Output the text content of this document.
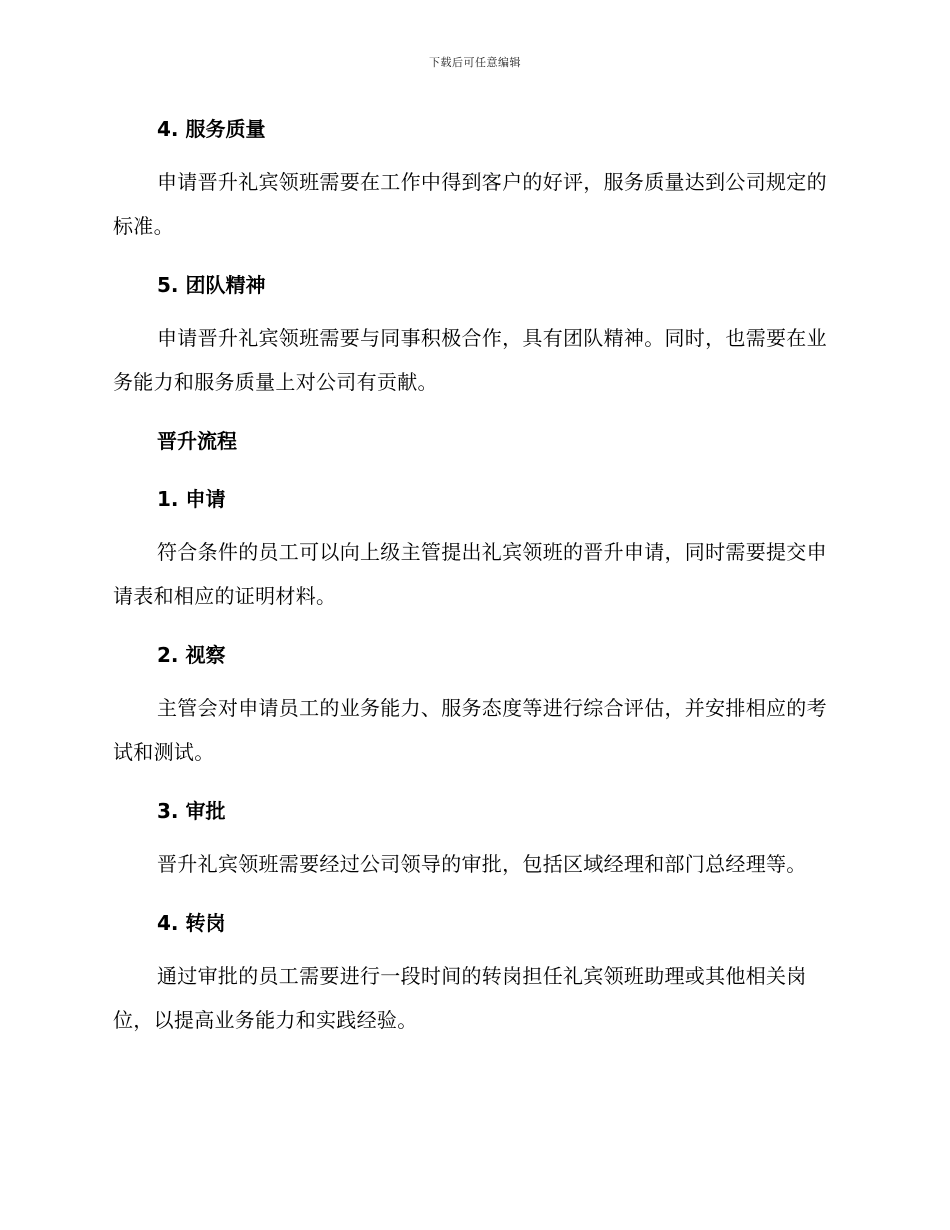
下载后可任意编辑
4. 服务质量

申请晋升礼宾领班需要在工作中得到客户的好评，服务质量达到公司规定的标准。

5. 团队精神

申请晋升礼宾领班需要与同事积极合作，具有团队精神。同时，也需要在业务能力和服务质量上对公司有贡献。

晋升流程
1. 申请

符合条件的员工可以向上级主管提出礼宾领班的晋升申请，同时需要提交申请表和相应的证明材料。

2. 视察

主管会对申请员工的业务能力、服务态度等进行综合评估，并安排相应的考试和测试。

3. 审批

晋升礼宾领班需要经过公司领导的审批，包括区域经理和部门总经理等。

4. 转岗

通过审批的员工需要进行一段时间的转岗担任礼宾领班助理或其他相关岗位，以提高业务能力和实践经验。
